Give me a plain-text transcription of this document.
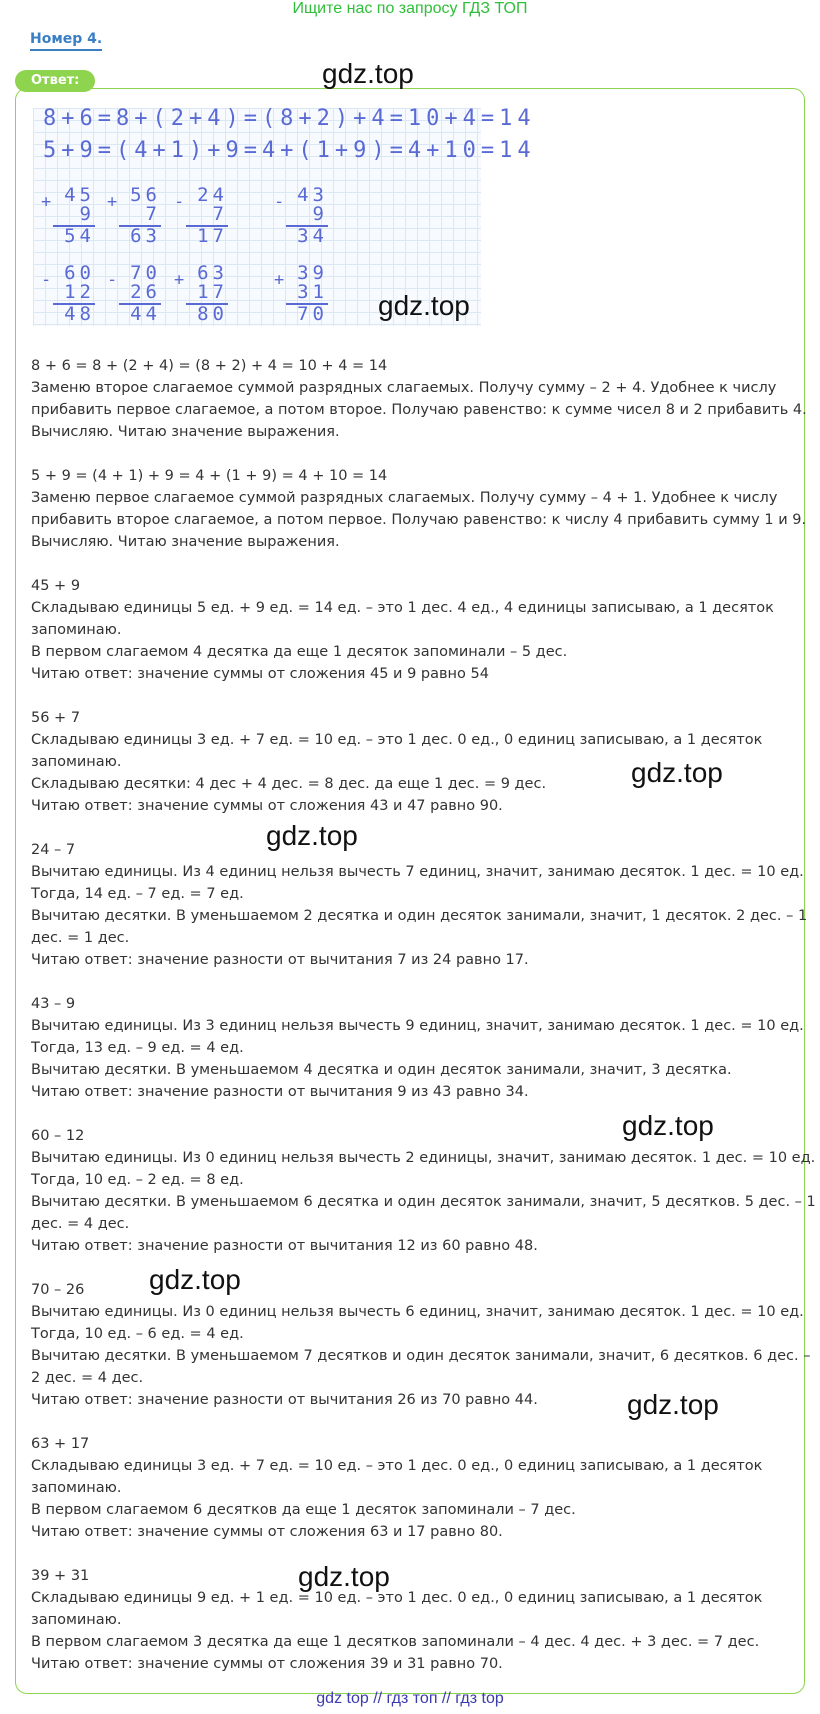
Ищите нас по запросу ГДЗ ТОП
Номер 4.
Ответ:
8+6=8+(2+4)=(8+2)+4=10+4=14
5+9=(4+1)+9=4+(1+9)=4+10=14
+ 45
9
54
+ 56
7
63
- 24
7
17
- 43
9
34
- 60
12
48
- 70
26
44
+ 63
17
80
+ 39
31
70
8 + 6 = 8 + (2 + 4) = (8 + 2) + 4 = 10 + 4 = 14
Заменю второе слагаемое суммой разрядных слагаемых. Получу сумму – 2 + 4. Удобнее к числу
прибавить первое слагаемое, а потом второе. Получаю равенство: к сумме чисел 8 и 2 прибавить 4.
Вычисляю. Читаю значение выражения.
5 + 9 = (4 + 1) + 9 = 4 + (1 + 9) = 4 + 10 = 14
Заменю первое слагаемое суммой разрядных слагаемых. Получу сумму – 4 + 1. Удобнее к числу
прибавить второе слагаемое, а потом первое. Получаю равенство: к числу 4 прибавить сумму 1 и 9.
Вычисляю. Читаю значение выражения.
45 + 9
Складываю единицы 5 ед. + 9 ед. = 14 ед. – это 1 дес. 4 ед., 4 единицы записываю, а 1 десяток
запоминаю.
В первом слагаемом 4 десятка да еще 1 десяток запоминали – 5 дес.
Читаю ответ: значение суммы от сложения 45 и 9 равно 54
56 + 7
Складываю единицы 3 ед. + 7 ед. = 10 ед. – это 1 дес. 0 ед., 0 единиц записываю, а 1 десяток
запоминаю.
Складываю десятки: 4 дес + 4 дес. = 8 дес. да еще 1 дес. = 9 дес.
Читаю ответ: значение суммы от сложения 43 и 47 равно 90.
24 – 7
Вычитаю единицы. Из 4 единиц нельзя вычесть 7 единиц, значит, занимаю десяток. 1 дес. = 10 ед.
Тогда, 14 ед. – 7 ед. = 7 ед.
Вычитаю десятки. В уменьшаемом 2 десятка и один десяток занимали, значит, 1 десяток. 2 дес. – 1
дес. = 1 дес.
Читаю ответ: значение разности от вычитания 7 из 24 равно 17.
43 – 9
Вычитаю единицы. Из 3 единиц нельзя вычесть 9 единиц, значит, занимаю десяток. 1 дес. = 10 ед.
Тогда, 13 ед. – 9 ед. = 4 ед.
Вычитаю десятки. В уменьшаемом 4 десятка и один десяток занимали, значит, 3 десятка.
Читаю ответ: значение разности от вычитания 9 из 43 равно 34.
60 – 12
Вычитаю единицы. Из 0 единиц нельзя вычесть 2 единицы, значит, занимаю десяток. 1 дес. = 10 ед.
Тогда, 10 ед. – 2 ед. = 8 ед.
Вычитаю десятки. В уменьшаемом 6 десятка и один десяток занимали, значит, 5 десятков. 5 дес. – 1
дес. = 4 дес.
Читаю ответ: значение разности от вычитания 12 из 60 равно 48.
70 – 26
Вычитаю единицы. Из 0 единиц нельзя вычесть 6 единиц, значит, занимаю десяток. 1 дес. = 10 ед.
Тогда, 10 ед. – 6 ед. = 4 ед.
Вычитаю десятки. В уменьшаемом 7 десятков и один десяток занимали, значит, 6 десятков. 6 дес. –
2 дес. = 4 дес.
Читаю ответ: значение разности от вычитания 26 из 70 равно 44.
63 + 17
Складываю единицы 3 ед. + 7 ед. = 10 ед. – это 1 дес. 0 ед., 0 единиц записываю, а 1 десяток
запоминаю.
В первом слагаемом 6 десятков да еще 1 десяток запоминали – 7 дес.
Читаю ответ: значение суммы от сложения 63 и 17 равно 80.
39 + 31
Складываю единицы 9 ед. + 1 ед. = 10 ед. – это 1 дес. 0 ед., 0 единиц записываю, а 1 десяток
запоминаю.
В первом слагаемом 3 десятка да еще 1 десятков запоминали – 4 дес. 4 дес. + 3 дес. = 7 дес.
Читаю ответ: значение суммы от сложения 39 и 31 равно 70.
gdz.top
gdz.top
gdz.top
gdz.top
gdz.top
gdz.top
gdz.top
gdz.top
gdz top // гдз топ // гдз top
